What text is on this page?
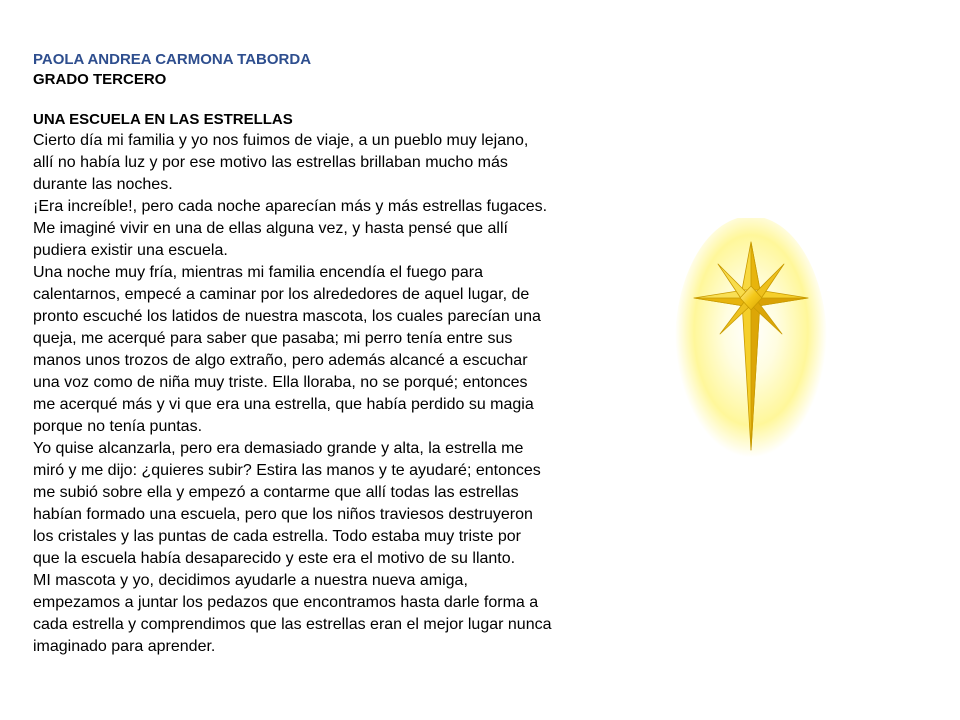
PAOLA ANDREA CARMONA TABORDA
GRADO TERCERO
UNA ESCUELA EN LAS ESTRELLAS
Cierto día mi familia y yo nos fuimos de viaje, a un pueblo muy lejano,
allí no había luz y por ese motivo las estrellas brillaban mucho más
durante las noches.
¡Era increíble!, pero cada noche aparecían más y más estrellas fugaces.
Me imaginé vivir en una de ellas alguna vez, y hasta pensé que allí
pudiera existir una escuela.
Una noche muy fría, mientras mi familia encendía el fuego para
calentarnos, empecé a caminar por los alrededores de aquel lugar, de
pronto escuché los latidos de nuestra mascota, los cuales parecían una
queja, me acerqué para saber que pasaba; mi perro tenía entre sus
manos unos trozos de algo extraño, pero además alcancé a escuchar
una voz como de niña muy triste. Ella lloraba, no se porqué; entonces
me acerqué más y vi que era una estrella, que había perdido su magia
porque no tenía puntas.
Yo quise alcanzarla, pero era demasiado grande y alta, la estrella me
miró y me dijo: ¿quieres subir? Estira las manos y te ayudaré; entonces
me subió sobre ella y empezó a contarme que allí todas las estrellas
habían formado una escuela, pero que los niños traviesos destruyeron
los cristales y las puntas de cada estrella. Todo estaba muy triste por
que la escuela había desaparecido y este era el motivo de su llanto.
MI mascota y yo, decidimos ayudarle a nuestra nueva amiga,
empezamos a juntar los pedazos que encontramos hasta darle forma a
cada estrella y comprendimos que las estrellas eran el mejor lugar nunca
imaginado para aprender.
